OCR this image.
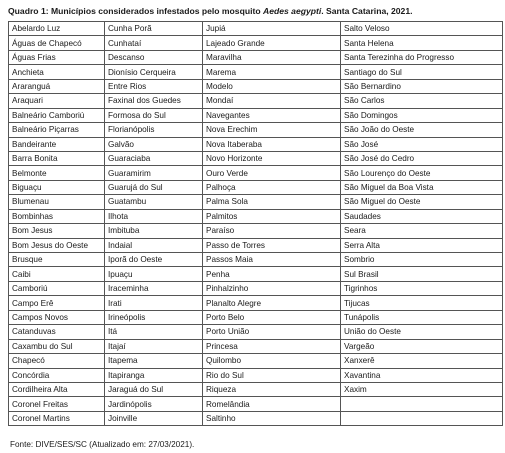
Quadro 1: Municípios considerados infestados pelo mosquito Aedes aegypti. Santa Catarina, 2021.
Abelardo Luz	Cunha Porã	Jupiá	Salto Veloso
Águas de Chapecó	Cunhataí	Lajeado Grande	Santa Helena
Águas Frias	Descanso	Maravilha	Santa Terezinha do Progresso
Anchieta	Dionísio Cerqueira	Marema	Santiago do Sul
Araranguá	Entre Rios	Modelo	São Bernardino
Araquari	Faxinal dos Guedes	Mondaí	São Carlos
Balneário Camboriú	Formosa do Sul	Navegantes	São Domingos
Balneário Piçarras	Florianópolis	Nova Erechim	São João do Oeste
Bandeirante	Galvão	Nova Itaberaba	São José
Barra Bonita	Guaraciaba	Novo Horizonte	São José do Cedro
Belmonte	Guaramirim	Ouro Verde	São Lourenço do Oeste
Biguaçu	Guarujá do Sul	Palhoça	São Miguel da Boa Vista
Blumenau	Guatambu	Palma Sola	São Miguel do Oeste
Bombinhas	Ilhota	Palmitos	Saudades
Bom Jesus	Imbituba	Paraíso	Seara
Bom Jesus do Oeste	Indaial	Passo de Torres	Serra Alta
Brusque	Iporã do Oeste	Passos Maia	Sombrio
Caibi	Ipuaçu	Penha	Sul Brasil
Camboriú	Iraceminha	Pinhalzinho	Tigrinhos
Campo Erê	Irati	Planalto Alegre	Tijucas
Campos Novos	Irineópolis	Porto Belo	Tunápolis
Catanduvas	Itá	Porto União	União do Oeste
Caxambu do Sul	Itajaí	Princesa	Vargeão
Chapecó	Itapema	Quilombo	Xanxerê
Concórdia	Itapiranga	Rio do Sul	Xavantina
Cordilheira Alta	Jaraguá do Sul	Riqueza	Xaxim
Coronel Freitas	Jardinópolis	Romelândia	
Coronel Martins	Joinville	Saltinho	
Fonte: DIVE/SES/SC (Atualizado em: 27/03/2021).
